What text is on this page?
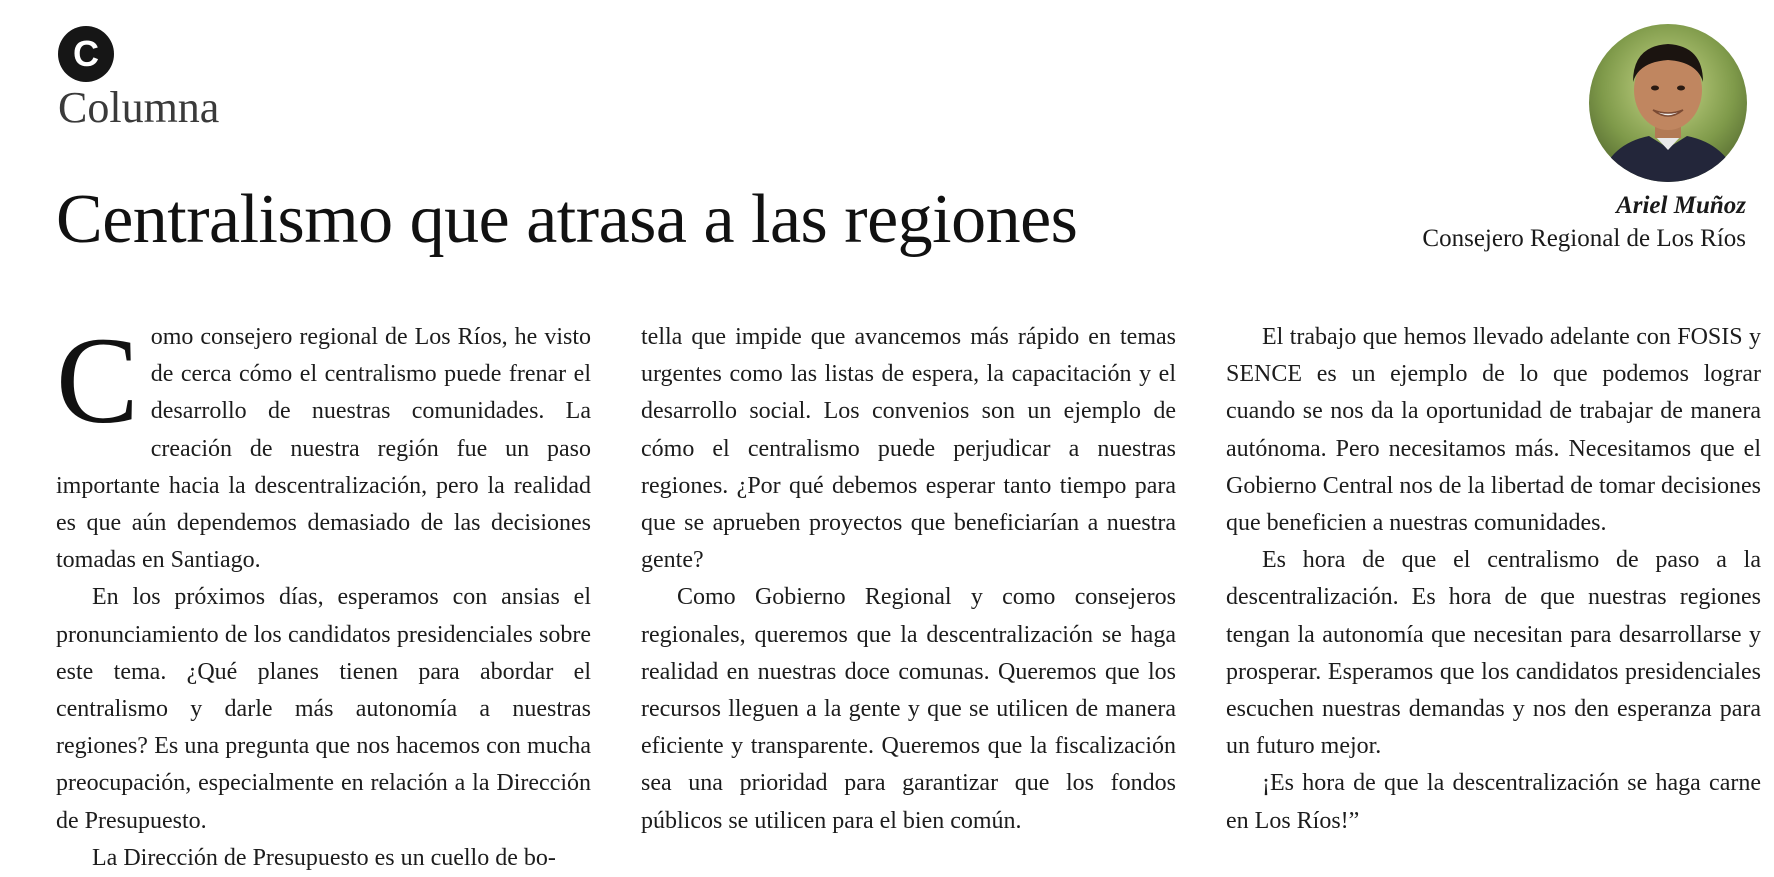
C
Columna
Centralismo que atrasa a las regiones	Ariel Muñoz
Consejero Regional de Los Ríos

Como consejero regional de Los Ríos, he visto de cerca cómo el centralismo puede frenar el desarrollo de nuestras comunidades. La creación de nuestra región fue un paso importante hacia la descentralización, pero la realidad es que aún dependemos demasiado de las decisiones tomadas en Santiago.

En los próximos días, esperamos con ansias el pronunciamiento de los candidatos presidenciales sobre este tema. ¿Qué planes tienen para abordar el centralismo y darle más autonomía a nuestras regiones? Es una pregunta que nos hacemos con mucha preocupación, especialmente en relación a la Dirección de Presupuesto.

La Dirección de Presupuesto es un cuello de bo-

tella que impide que avancemos más rápido en temas urgentes como las listas de espera, la capacitación y el desarrollo social. Los convenios son un ejemplo de cómo el centralismo puede perjudicar a nuestras regiones. ¿Por qué debemos esperar tanto tiempo para que se aprueben proyectos que beneficiarían a nuestra gente?

Como Gobierno Regional y como consejeros regionales, queremos que la descentralización se haga realidad en nuestras doce comunas. Queremos que los recursos lleguen a la gente y que se utilicen de manera eficiente y transparente. Queremos que la fiscalización sea una prioridad para garantizar que los fondos públicos se utilicen para el bien común.

El trabajo que hemos llevado adelante con FOSIS y SENCE es un ejemplo de lo que podemos lograr cuando se nos da la oportunidad de trabajar de manera autónoma. Pero necesitamos más. Necesitamos que el Gobierno Central nos de la libertad de tomar decisiones que beneficien a nuestras comunidades.

Es hora de que el centralismo de paso a la descentralización. Es hora de que nuestras regiones tengan la autonomía que necesitan para desarrollarse y prosperar. Esperamos que los candidatos presidenciales escuchen nuestras demandas y nos den esperanza para un futuro mejor.

¡Es hora de que la descentralización se haga carne en Los Ríos!”
